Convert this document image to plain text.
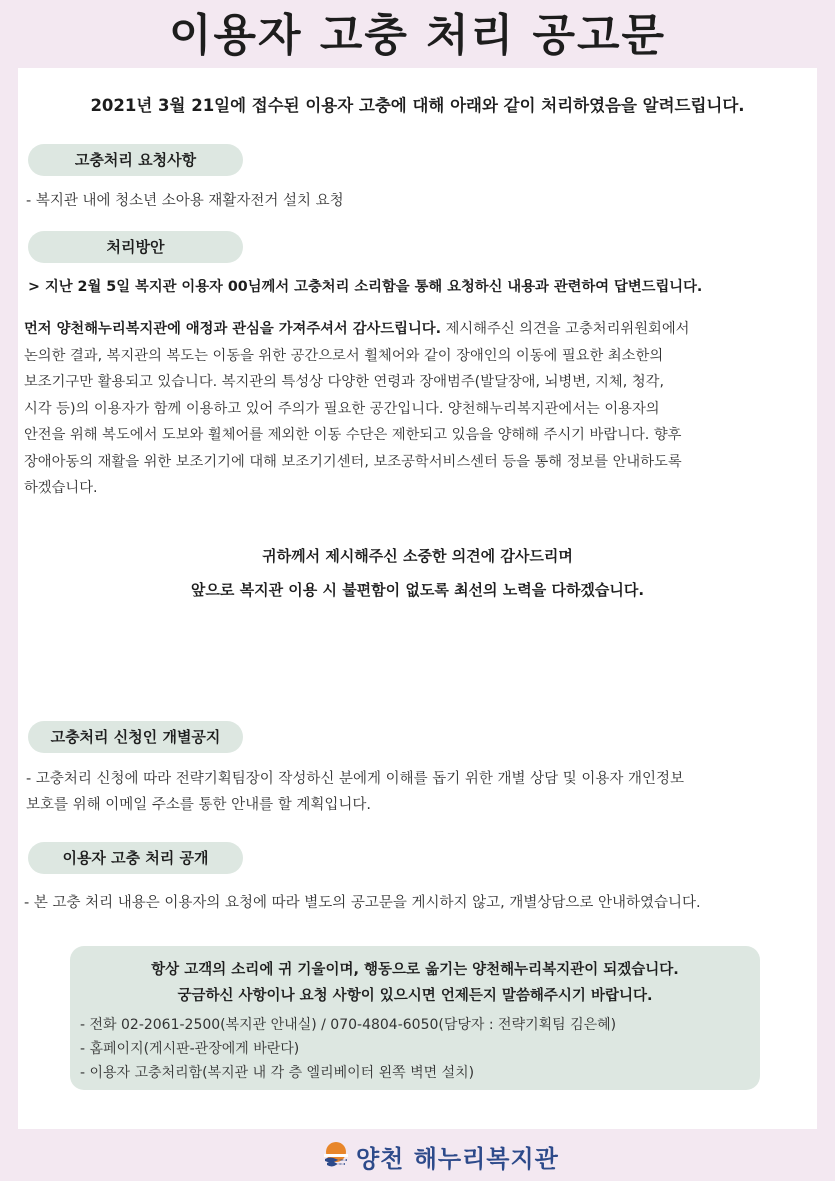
이용자 고충 처리 공고문
2021년 3월 21일에 접수된 이용자 고충에 대해 아래와 같이 처리하였음을 알려드립니다.
고충처리 요청사항
- 복지관 내에 청소년 소아용 재활자전거 설치 요청
처리방안
> 지난 2월 5일 복지관 이용자 00님께서 고충처리 소리함을 통해 요청하신 내용과 관련하여 답변드립니다.

먼저 양천해누리복지관에 애정과 관심을 가져주셔서 감사드립니다. 제시해주신 의견을 고충처리위원회에서

논의한 결과, 복지관의 복도는 이동을 위한 공간으로서 휠체어와 같이 장애인의 이동에 필요한 최소한의

보조기구만 활용되고 있습니다. 복지관의 특성상 다양한 연령과 장애범주(발달장애, 뇌병변, 지체, 청각,

시각 등)의 이용자가 함께 이용하고 있어 주의가 필요한 공간입니다. 양천해누리복지관에서는 이용자의

안전을 위해 복도에서 도보와 휠체어를 제외한 이동 수단은 제한되고 있음을 양해해 주시기 바랍니다. 향후

장애아동의 재활을 위한 보조기기에 대해 보조기기센터, 보조공학서비스센터 등을 통해 정보를 안내하도록

하겠습니다.

귀하께서 제시해주신 소중한 의견에 감사드리며
앞으로 복지관 이용 시 불편함이 없도록 최선의 노력을 다하겠습니다.
고충처리 신청인 개별공지
- 고충처리 신청에 따라 전략기획팀장이 작성하신 분에게 이해를 돕기 위한 개별 상담 및 이용자 개인정보
보호를 위해 이메일 주소를 통한 안내를 할 계획입니다.
이용자 고충 처리 공개
- 본 고충 처리 내용은 이용자의 요청에 따라 별도의 공고문을 게시하지 않고, 개별상담으로 안내하였습니다.
항상 고객의 소리에 귀 기울이며, 행동으로 옮기는 양천해누리복지관이 되겠습니다.
궁금하신 사항이나 요청 사항이 있으시면 언제든지 말씀해주시기 바랍니다.
- 전화 02-2061-2500(복지관 안내실) / 070-4804-6050(담당자 : 전략기획팀 김은혜)
- 홈페이지(게시판-관장에게 바란다)
- 이용자 고충처리함(복지관 내 각 층 엘리베이터 왼쪽 벽면 설치)
양천 해누리복지관
